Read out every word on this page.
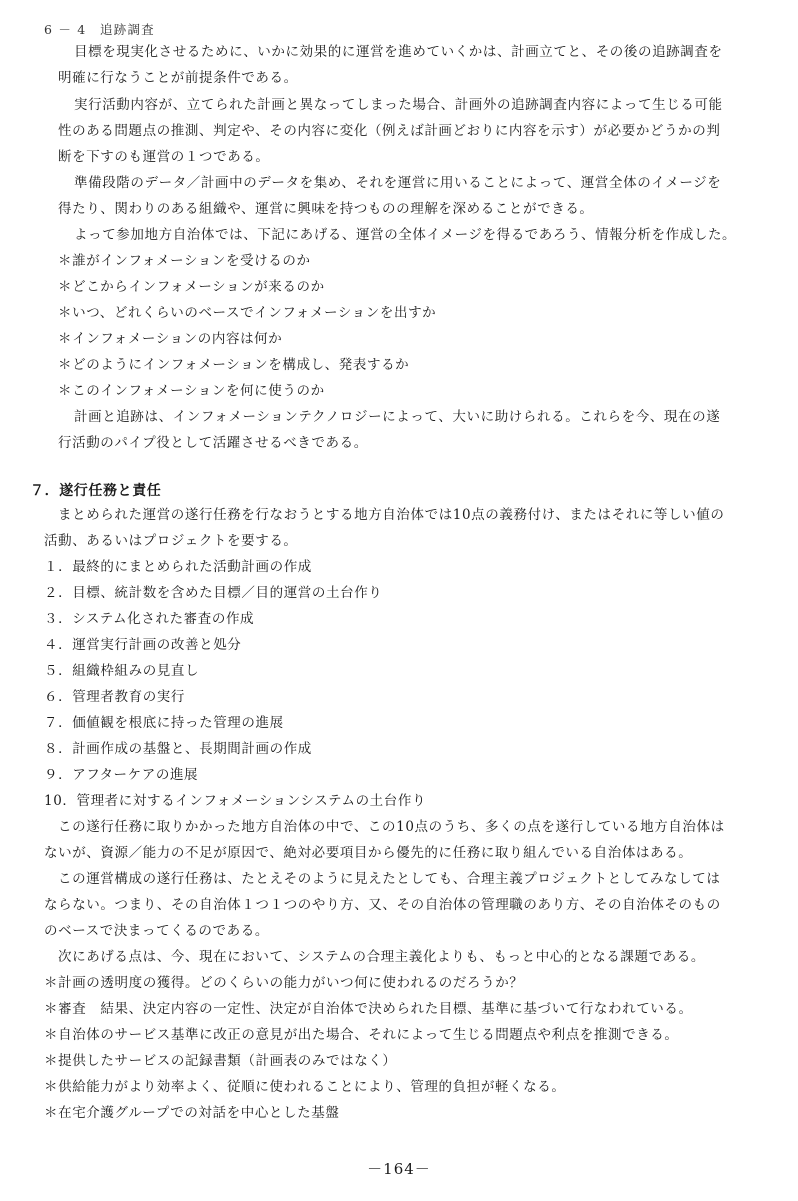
6 － 4　追跡調査
目標を現実化させるために、いかに効果的に運営を進めていくかは、計画立てと、その後の追跡調査を
明確に行なうことが前提条件である。
実行活動内容が、立てられた計画と異なってしまった場合、計画外の追跡調査内容によって生じる可能
性のある問題点の推測、判定や、その内容に変化（例えば計画どおりに内容を示す）が必要かどうかの判
断を下すのも運営の１つである。
準備段階のデータ／計画中のデータを集め、それを運営に用いることによって、運営全体のイメージを
得たり、関わりのある組織や、運営に興味を持つものの理解を深めることができる。
よって参加地方自治体では、下記にあげる、運営の全体イメージを得るであろう、情報分析を作成した。
＊誰がインフォメーションを受けるのか
＊どこからインフォメーションが来るのか
＊いつ、どれくらいのベースでインフォメーションを出すか
＊インフォメーションの内容は何か
＊どのようにインフォメーションを構成し、発表するか
＊このインフォメーションを何に使うのか
計画と追跡は、インフォメーションテクノロジーによって、大いに助けられる。これらを今、現在の遂
行活動のパイプ役として活躍させるべきである。
７．遂行任務と責任
まとめられた運営の遂行任務を行なおうとする地方自治体では10点の義務付け、またはそれに等しい値の
活動、あるいはプロジェクトを要する。
１．最終的にまとめられた活動計画の作成
２．目標、統計数を含めた目標／目的運営の土台作り
３．システム化された審査の作成
４．運営実行計画の改善と処分
５．組織枠組みの見直し
６．管理者教育の実行
７．価値観を根底に持った管理の進展
８．計画作成の基盤と、長期間計画の作成
９．アフターケアの進展
10．管理者に対するインフォメーションシステムの土台作り
この遂行任務に取りかかった地方自治体の中で、この10点のうち、多くの点を遂行している地方自治体は
ないが、資源／能力の不足が原因で、絶対必要項目から優先的に任務に取り組んでいる自治体はある。
この運営構成の遂行任務は、たとえそのように見えたとしても、合理主義プロジェクトとしてみなしては
ならない。つまり、その自治体１つ１つのやり方、又、その自治体の管理職のあり方、その自治体そのもの
のベースで決まってくるのである。
次にあげる点は、今、現在において、システムの合理主義化よりも、もっと中心的となる課題である。
＊計画の透明度の獲得。どのくらいの能力がいつ何に使われるのだろうか？
＊審査　結果、決定内容の一定性、決定が自治体で決められた目標、基準に基づいて行なわれている。
＊自治体のサービス基準に改正の意見が出た場合、それによって生じる問題点や利点を推測できる。
＊提供したサービスの記録書類（計画表のみではなく）
＊供給能力がより効率よく、従順に使われることにより、管理的負担が軽くなる。
＊在宅介護グループでの対話を中心とした基盤
－164－
